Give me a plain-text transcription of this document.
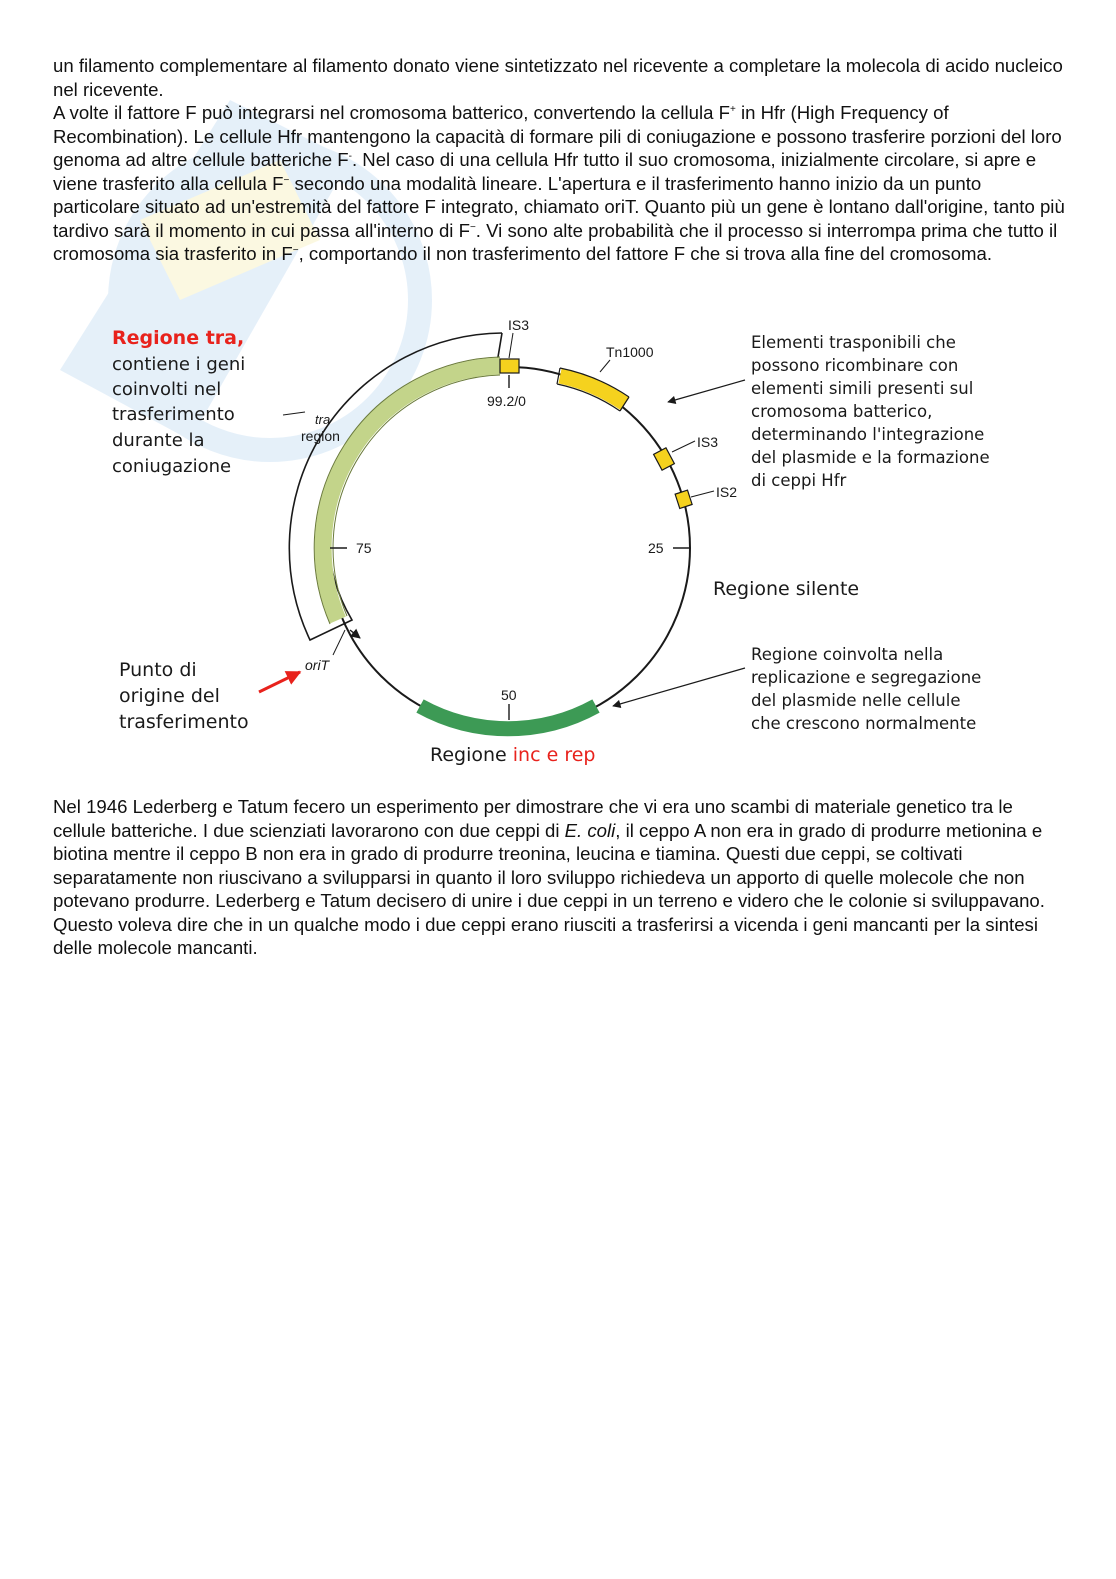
un filamento complementare al filamento donato viene sintetizzato nel ricevente a completare la molecola di acido nucleico nel ricevente.
A volte il fattore F può integrarsi nel cromosoma batterico, convertendo la cellula F+ in Hfr (High Frequency of Recombination). Le cellule Hfr mantengono la capacità di formare pili di coniugazione e possono trasferire porzioni del loro genoma ad altre cellule batteriche F-. Nel caso di una cellula Hfr tutto il suo cromosoma, inizialmente circolare, si apre e viene trasferito alla cellula F− secondo una modalità lineare. L'apertura e il trasferimento hanno inizio da un punto particolare situato ad un'estremità del fattore F integrato, chiamato oriT. Quanto più un gene è lontano dall'origine, tanto più tardivo sarà il momento in cui passa all'interno di F−. Vi sono alte probabilità che il processo si interrompa prima che tutto il cromosoma sia trasferito in F−, comportando il non trasferimento del fattore F che si trova alla fine del cromosoma.

IS3
Tn1000
IS3
IS2
99.2/0
25
50
75
tra
region
oriT
Regione tra,
contiene i geni coinvolti nel trasferimento durante la coniugazione
Elementi trasponibili che possono ricombinare con elementi simili presenti sul cromosoma batterico, determinando l'integrazione del plasmide e la formazione di ceppi Hfr
Regione silente
Punto di origine del trasferimento
Regione coinvolta nella replicazione e segregazione del plasmide nelle cellule che crescono normalmente
Regione inc e rep

Nel 1946 Lederberg e Tatum fecero un esperimento per dimostrare che vi era uno scambi di materiale genetico tra le cellule batteriche. I due scienziati lavorarono con due ceppi di E. coli, il ceppo A non era in grado di produrre metionina e biotina mentre il ceppo B non era in grado di produrre treonina, leucina e tiamina. Questi due ceppi, se coltivati separatamente non riuscivano a svilupparsi in quanto il loro sviluppo richiedeva un apporto di quelle molecole che non potevano produrre. Lederberg e Tatum decisero di unire i due ceppi in un terreno e videro che le colonie si sviluppavano. Questo voleva dire che in un qualche modo i due ceppi erano riusciti a trasferirsi a vicenda i geni mancanti per la sintesi delle molecole mancanti.
